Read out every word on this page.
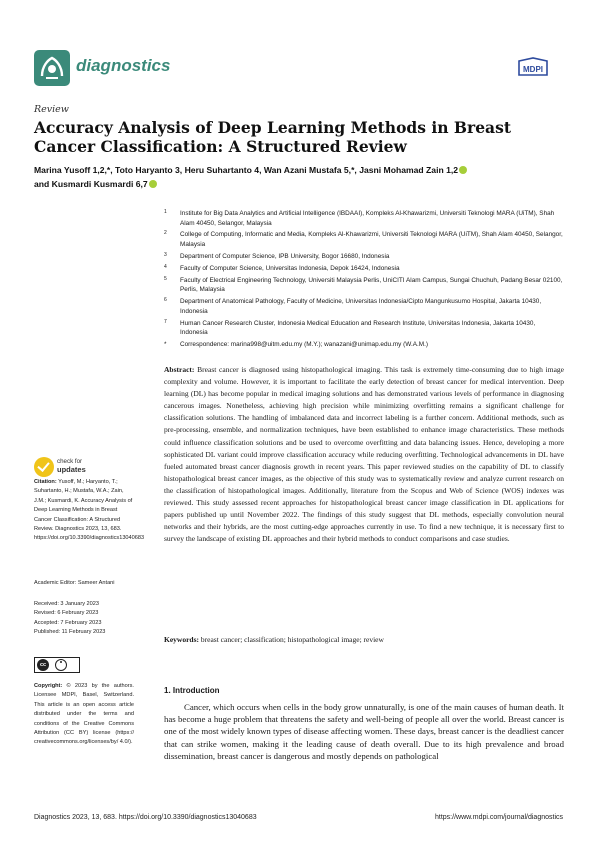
diagnostics	MDPI
Review
Accuracy Analysis of Deep Learning Methods in Breast Cancer Classification: A Structured Review
Marina Yusoff 1,2,*, Toto Haryanto 3, Heru Suhartanto 4, Wan Azani Mustafa 5,*, Jasni Mohamad Zain 1,2
and Kusmardi Kusmardi 6,7
1 Institute for Big Data Analytics and Artificial Intelligence (IBDAAI), Kompleks Al-Khawarizmi, Universiti Teknologi MARA (UiTM), Shah Alam 40450, Selangor, Malaysia
2 College of Computing, Informatic and Media, Kompleks Al-Khawarizmi, Universiti Teknologi MARA (UiTM), Shah Alam 40450, Selangor, Malaysia
3 Department of Computer Science, IPB University, Bogor 16680, Indonesia
4 Faculty of Computer Science, Universitas Indonesia, Depok 16424, Indonesia
5 Faculty of Electrical Engineering Technology, Universiti Malaysia Perlis, UniCITI Alam Campus, Sungai Chuchuh, Padang Besar 02100, Perlis, Malaysia
6 Department of Anatomical Pathology, Faculty of Medicine, Universitas Indonesia/Cipto Mangunkusumo Hospital, Jakarta 10430, Indonesia
7 Human Cancer Research Cluster, Indonesia Medical Education and Research Institute, Universitas Indonesia, Jakarta 10430, Indonesia
* Correspondence: marina998@uitm.edu.my (M.Y.); wanazani@unimap.edu.my (W.A.M.)
Abstract: Breast cancer is diagnosed using histopathological imaging. This task is extremely time-consuming due to high image complexity and volume. However, it is important to facilitate the early detection of breast cancer for medical intervention. Deep learning (DL) has become popular in medical imaging solutions and has demonstrated various levels of performance in diagnosing cancerous images. Nonetheless, achieving high precision while minimizing overfitting remains a significant challenge for classification solutions. The handling of imbalanced data and incorrect labeling is a further concern. Additional methods, such as pre-processing, ensemble, and normalization techniques, have been established to enhance image characteristics. These methods could influence classification solutions and be used to overcome overfitting and data balancing issues. Hence, developing a more sophisticated DL variant could improve classification accuracy while reducing overfitting. Technological advancements in DL have fueled automated breast cancer diagnosis growth in recent years. This paper reviewed studies on the capability of DL to classify histopathological breast cancer images, as the objective of this study was to systematically review and analyze current research on the classification of histopathological images. Additionally, literature from the Scopus and Web of Science (WOS) indexes was reviewed. This study assessed recent approaches for histopathological breast cancer image classification in DL applications for papers published up until November 2022. The findings of this study suggest that DL methods, especially convolution neural networks and their hybrids, are the most cutting-edge approaches currently in use. To find a new technique, it is necessary first to survey the landscape of existing DL approaches and their hybrid methods to conduct comparisons and case studies.
Keywords: breast cancer; classification; histopathological image; review
check for
updates
Citation: Yusoff, M.; Haryanto, T.; Suhartanto, H.; Mustafa, W.A.; Zain, J.M.; Kusmardi, K. Accuracy Analysis of Deep Learning Methods in Breast Cancer Classification: A Structured Review. Diagnostics 2023, 13, 683. https://doi.org/10.3390/diagnostics13040683
Academic Editor: Sameer Antani
Received: 3 January 2023
Revised: 6 February 2023
Accepted: 7 February 2023
Published: 11 February 2023
cc
Copyright: © 2023 by the authors. Licensee MDPI, Basel, Switzerland. This article is an open access article distributed under the terms and conditions of the Creative Commons Attribution (CC BY) license (https:// creativecommons.org/licenses/by/ 4.0/).
1. Introduction
Cancer, which occurs when cells in the body grow unnaturally, is one of the main causes of human death. It has become a huge problem that threatens the safety and well-being of people all over the world. Breast cancer is one of the most widely known types of disease affecting women. These days, breast cancer is the deadliest cancer that can strike women, making it the leading cause of death overall. Due to its high prevalence and broad dissemination, breast cancer is dangerous and mostly depends on pathological
Diagnostics 2023, 13, 683. https://doi.org/10.3390/diagnostics13040683	https://www.mdpi.com/journal/diagnostics
